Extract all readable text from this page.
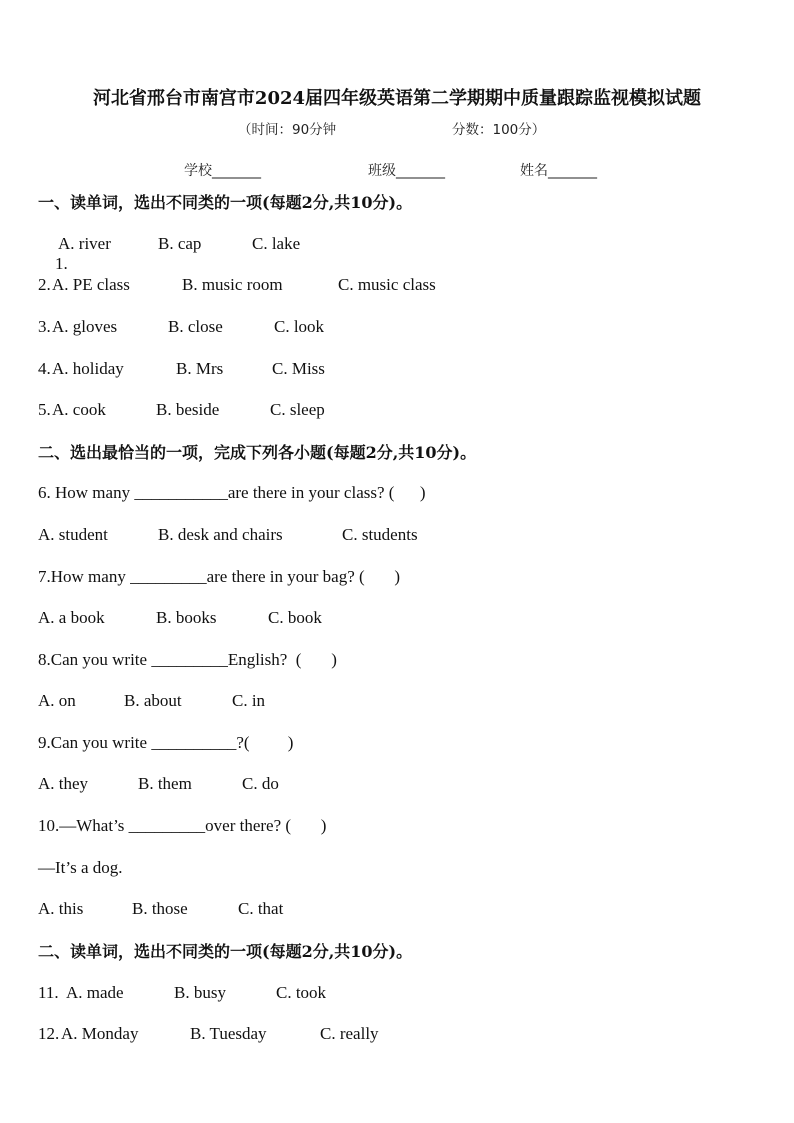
河北省邢台市南宫市2024届四年级英语第二学期期中质量跟踪监视模拟试题
（时间：90分钟	分数：100分）
学校_______	班级_______	姓名_______
一、读单词，选出不同类的一项(每题2分,共10分)。

1.

A. river	B. cap	C. lake
2. A. PE class	B. music room	C. music class
3. A. gloves	B. close	C. look
4. A. holiday	B. Mrs	C. Miss
5. A. cook	B. beside	C. sleep
二、选出最恰当的一项，完成下列各小题(每题2分,共10分)。
6. How many ___________are there in your class? (      )
A. student	B. desk and chairs	C. students
7.How many _________are there in your bag? (       )
A. a book	B. books	C. book
8.Can you write _________English?  (       )
A. on	B. about	C. in
9.Can you write __________?(         )
A. they	B. them	C. do
10.—What’s _________over there? (       )
—It’s a dog.
A. this	B. those	C. that
二、读单词，选出不同类的一项(每题2分,共10分)。
11. A. made	B. busy	C. took
12. A. Monday	B. Tuesday	C. really
